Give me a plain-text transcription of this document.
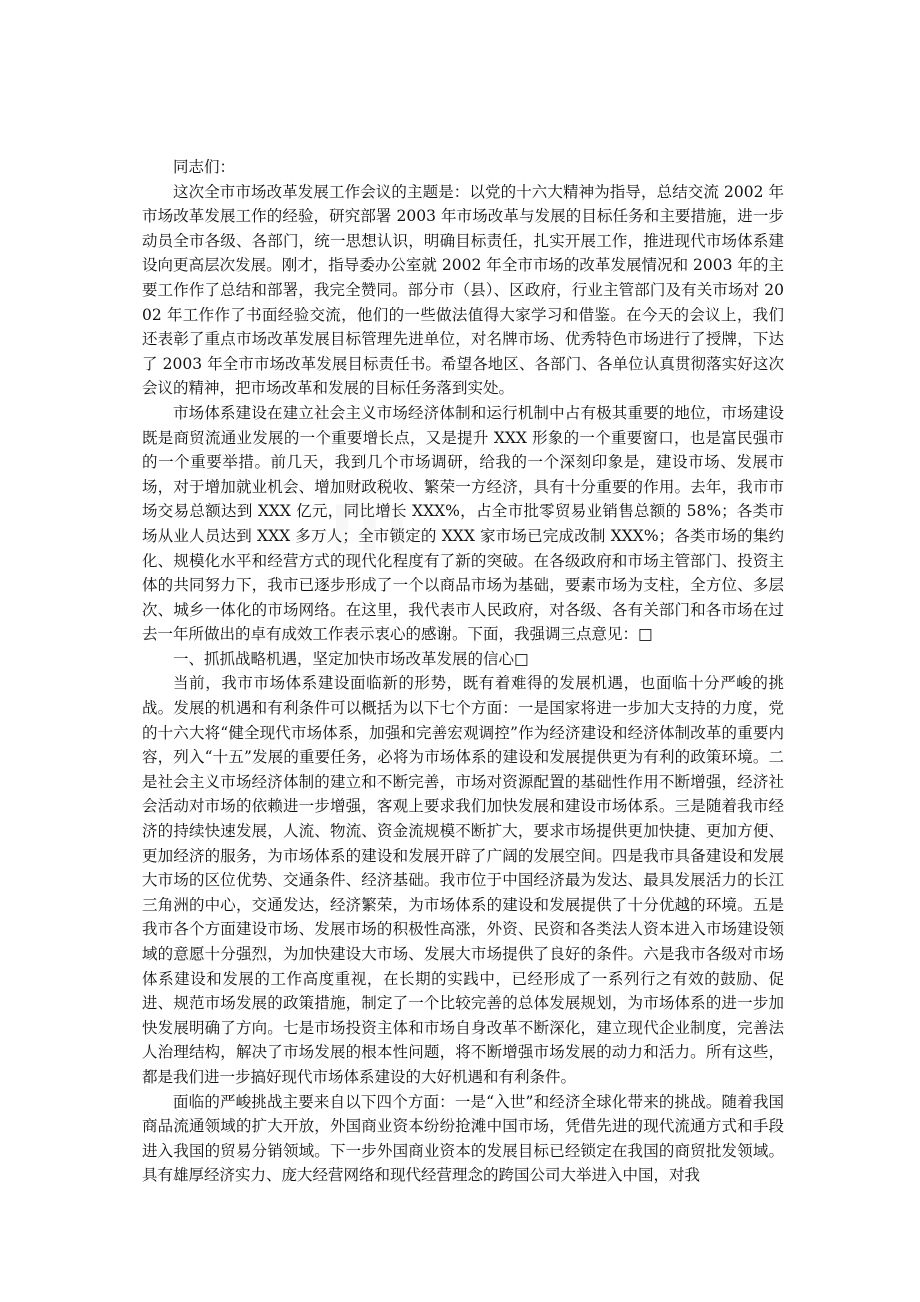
同志们：

这次全市市场改革发展工作会议的主题是：以党的十六大精神为指导，总结交流 2002 年市场改革发展工作的经验，研究部署 2003 年市场改革与发展的目标任务和主要措施，进一步动员全市各级、各部门，统一思想认识，明确目标责任，扎实开展工作，推进现代市场体系建设向更高层次发展。刚才，指导委办公室就 2002 年全市市场的改革发展情况和 2003 年的主要工作作了总结和部署，我完全赞同。部分市（县）、区政府，行业主管部门及有关市场对 2002 年工作作了书面经验交流，他们的一些做法值得大家学习和借鉴。在今天的会议上，我们还表彰了重点市场改革发展目标管理先进单位，对名牌市场、优秀特色市场进行了授牌，下达了 2003 年全市市场改革发展目标责任书。希望各地区、各部门、各单位认真贯彻落实好这次会议的精神，把市场改革和发展的目标任务落到实处。

市场体系建设在建立社会主义市场经济体制和运行机制中占有极其重要的地位，市场建设既是商贸流通业发展的一个重要增长点，又是提升 XXX 形象的一个重要窗口，也是富民强市的一个重要举措。前几天，我到几个市场调研，给我的一个深刻印象是，建设市场、发展市场，对于增加就业机会、增加财政税收、繁荣一方经济，具有十分重要的作用。去年，我市市场交易总额达到 XXX 亿元，同比增长 XXX%，占全市批零贸易业销售总额的 58%；各类市场从业人员达到 XXX 多万人；全市锁定的 XXX 家市场已完成改制 XXX%；各类市场的集约化、规模化水平和经营方式的现代化程度有了新的突破。在各级政府和市场主管部门、投资主体的共同努力下，我市已逐步形成了一个以商品市场为基础，要素市场为支柱，全方位、多层次、城乡一体化的市场网络。在这里，我代表市人民政府，对各级、各有关部门和各市场在过去一年所做出的卓有成效工作表示衷心的感谢。下面，我强调三点意见：□

一、抓抓战略机遇，坚定加快市场改革发展的信心□

当前，我市市场体系建设面临新的形势，既有着难得的发展机遇，也面临十分严峻的挑战。发展的机遇和有利条件可以概括为以下七个方面：一是国家将进一步加大支持的力度，党的十六大将“健全现代市场体系，加强和完善宏观调控”作为经济建设和经济体制改革的重要内容，列入“十五”发展的重要任务，必将为市场体系的建设和发展提供更为有利的政策环境。二是社会主义市场经济体制的建立和不断完善，市场对资源配置的基础性作用不断增强，经济社会活动对市场的依赖进一步增强，客观上要求我们加快发展和建设市场体系。三是随着我市经济的持续快速发展，人流、物流、资金流规模不断扩大，要求市场提供更加快捷、更加方便、更加经济的服务，为市场体系的建设和发展开辟了广阔的发展空间。四是我市具备建设和发展大市场的区位优势、交通条件、经济基础。我市位于中国经济最为发达、最具发展活力的长江三角洲的中心，交通发达，经济繁荣，为市场体系的建设和发展提供了十分优越的环境。五是我市各个方面建设市场、发展市场的积极性高涨，外资、民资和各类法人资本进入市场建设领域的意愿十分强烈，为加快建设大市场、发展大市场提供了良好的条件。六是我市各级对市场体系建设和发展的工作高度重视，在长期的实践中，已经形成了一系列行之有效的鼓励、促进、规范市场发展的政策措施，制定了一个比较完善的总体发展规划，为市场体系的进一步加快发展明确了方向。七是市场投资主体和市场自身改革不断深化，建立现代企业制度，完善法人治理结构，解决了市场发展的根本性问题，将不断增强市场发展的动力和活力。所有这些，都是我们进一步搞好现代市场体系建设的大好机遇和有利条件。

面临的严峻挑战主要来自以下四个方面：一是“入世”和经济全球化带来的挑战。随着我国商品流通领域的扩大开放，外国商业资本纷纷抢滩中国市场，凭借先进的现代流通方式和手段进入我国的贸易分销领域。下一步外国商业资本的发展目标已经锁定在我国的商贸批发领域。具有雄厚经济实力、庞大经营网络和现代经营理念的跨国公司大举进入中国，对我

m
